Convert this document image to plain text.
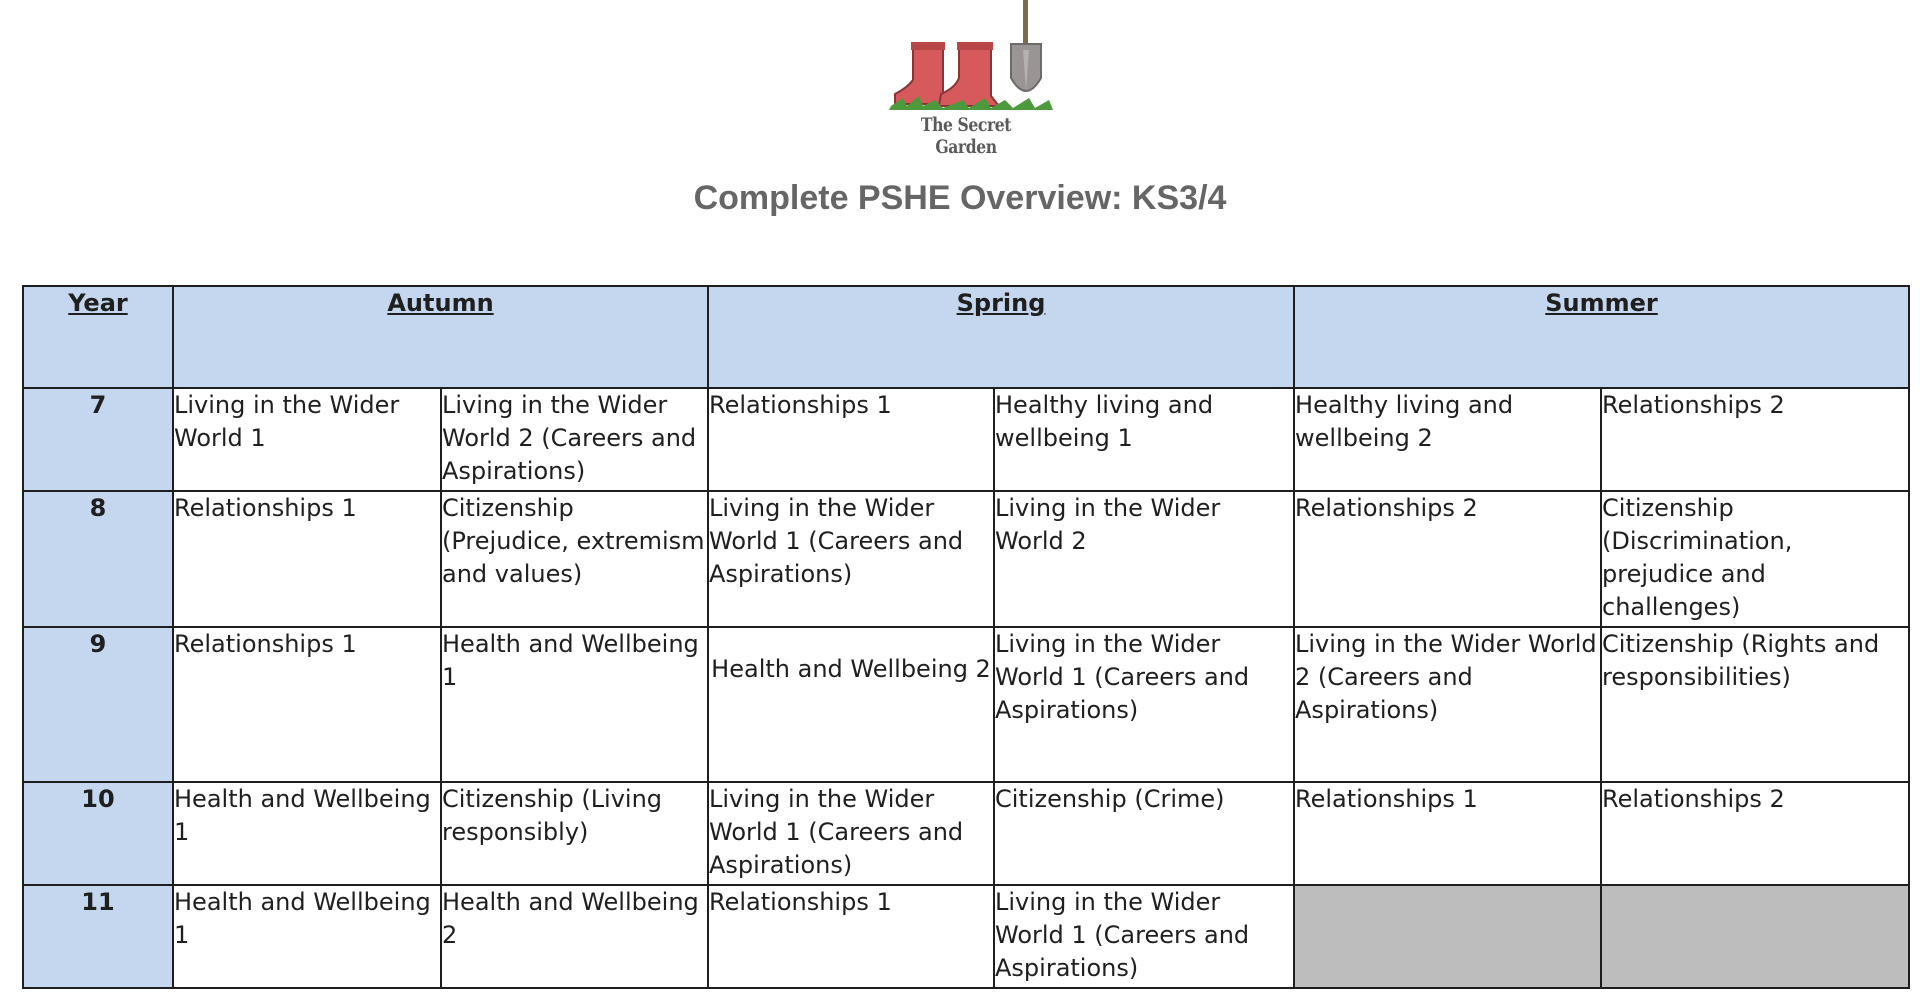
The Secret Garden
Complete PSHE Overview: KS3/4
Year	Autumn		Spring		Summer	
7	Living in the Wider World 1	Living in the Wider World 2 (Careers and Aspirations)	Relationships 1	Healthy living and wellbeing 1	Healthy living and wellbeing 2	Relationships 2
8	Relationships 1	Citizenship (Prejudice, extremism and values)	Living in the Wider World 1 (Careers and Aspirations)	Living in the Wider World 2	Relationships 2	Citizenship (Discrimination, prejudice and challenges)
9	Relationships 1	Health and Wellbeing 1	Health and Wellbeing 2	Living in the Wider World 1 (Careers and Aspirations)	Living in the Wider World 2 (Careers and Aspirations)	Citizenship (Rights and responsibilities)
10	Health and Wellbeing 1	Citizenship (Living responsibly)	Living in the Wider World 1 (Careers and Aspirations)	Citizenship (Crime)	Relationships 1	Relationships 2
11	Health and Wellbeing 1	Health and Wellbeing 2	Relationships 1	Living in the Wider World 1 (Careers and Aspirations)		
